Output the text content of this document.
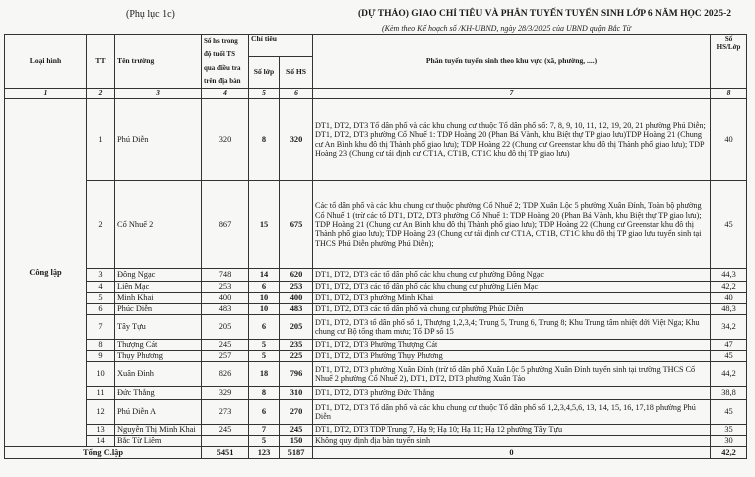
(Phụ lục 1c)	(DỰ THẢO) GIAO CHỈ TIÊU VÀ PHÂN TUYẾN TUYỂN SINH LỚP 6 NĂM HỌC 2025-2
(Kèm theo Kế hoạch số /KH-UBND, ngày 28/3/2025 của UBND quận Bắc Từ
Loại hình	TT	Tên trường	Số hs trong độ tuổi TS qua điều tra trên địa bàn	Chỉ tiêu		Phân tuyến tuyển sinh theo khu vực (xã, phường, ....)	Số HS/Lớp
				Số lớp	Số HS		
1	2	3	4	5	6	7	8
Công lập	1	Phú Diễn	320	8	320	DT1, DT2, DT3 Tổ dân phố và các khu chung cư thuộc Tổ dân phố số: 7, 8, 9, 10, 11, 12, 19, 20, 21 phường Phú Diễn; DT1, DT2, DT3 phường Cổ Nhuế 1: TDP Hoàng 20 (Phan Bá Vành, khu Biệt thự TP giao lưu)TDP Hoàng 21 (Chung cư An Bình khu đô thị Thành phố giao lưu); TDP Hoàng 22 (Chung cư Greenstar khu đô thị Thành phố giao lưu); TDP Hoàng 23 (Chung cư tái định cư CT1A, CT1B, CT1C khu đô thị TP giao lưu)	40
	2	Cổ Nhuế 2	867	15	675	Các tổ dân phố và các khu chung cư thuộc phường Cổ Nhuế 2; TDP Xuân Lộc 5 phường Xuân Đỉnh, Toàn bộ phường Cổ Nhuế 1 (trừ các tổ DT1, DT2, DT3 phường Cổ Nhuế 1: TDP Hoàng 20 (Phan Bá Vành, khu Biệt thự TP giao lưu); TDP Hoàng 21 (Chung cư An Bình khu đô thị Thành phố giao lưu); TDP Hoàng 22 (Chung cư Greenstar khu đô thị Thành phố giao lưu); TDP Hoàng 23 (Chung cư tái định cư CT1A, CT1B, CT1C khu đô thị TP giao lưu tuyển sinh tại THCS Phú Diễn phường Phú Diễn);	45
	3	Đông Ngạc	748	14	620	DT1, DT2, DT3 các tổ dân phố các khu chung cư phường Đông Ngạc	44,3
	4	Liên Mạc	253	6	253	DT1, DT2, DT3 các tổ dân phố các khu chung cư phường Liên Mạc	42,2
	5	Minh Khai	400	10	400	DT1, DT2, DT3 phường Minh Khai	40
	6	Phúc Diễn	483	10	483	DT1, DT2, DT3 các tổ dân phố và chung cư phường Phúc Diễn	48,3
	7	Tây Tựu	205	6	205	DT1, DT2, DT3 tổ dân phố số 1, Thượng 1,2,3,4; Trung 5, Trung 6, Trung 8; Khu Trung tâm nhiệt đới Việt Nga; Khu chung cư Bộ tổng tham mưu; Tổ DP số 15	34,2
	8	Thượng Cát	245	5	235	DT1, DT2, DT3 Phường Thượng Cát	47
	9	Thụy Phương	257	5	225	DT1, DT2, DT3 Phường Thụy Phương	45
	10	Xuân Đỉnh	826	18	796	DT1, DT2, DT3 phường Xuân Đỉnh (trừ tổ dân phố Xuân Lộc 5 phường Xuân Đỉnh tuyển sinh tại trường THCS Cổ Nhuế 2 phường Cổ Nhuế 2), DT1, DT2, DT3 phường Xuân Tảo	44,2
	11	Đức Thắng	329	8	310	DT1, DT2, DT3 phường Đức Thắng	38,8
	12	Phú Diễn A	273	6	270	DT1, DT2, DT3 Tổ dân phố và các khu chung cư thuộc Tổ dân phố số 1,2,3,4,5,6, 13, 14, 15, 16, 17,18 phường Phú Diễn	45
	13	Nguyễn Thị Minh Khai	245	7	245	DT1, DT2, DT3 TDP Trung 7, Hạ 9; Hạ 10; Hạ 11; Hạ 12 phường Tây Tựu	35
	14	Bắc Từ Liêm		5	150	Không quy định địa bàn tuyển sinh	30
Tổng C.lập			5451	123	5187	0	42,2
